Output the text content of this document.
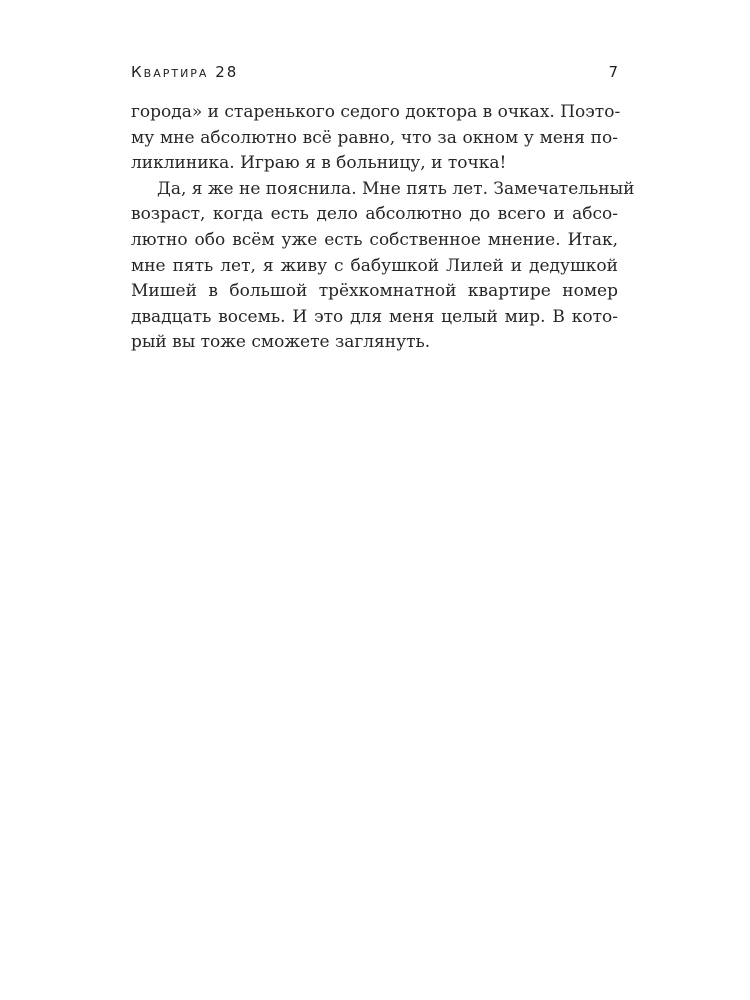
Квартира 28	7
города» и старенького седого доктора в очках. Поэто-
му мне абсолютно всё равно, что за окном у меня по-
ликлиника. Играю я в больницу, и точка!
Да, я же не пояснила. Мне пять лет. Замечательный
возраст, когда есть дело абсолютно до всего и абсо-
лютно обо всём уже есть собственное мнение. Итак,
мне пять лет, я живу с бабушкой Лилей и дедушкой
Мишей в большой трёхкомнатной квартире номер
двадцать восемь. И это для меня целый мир. В кото-
рый вы тоже сможете заглянуть.
